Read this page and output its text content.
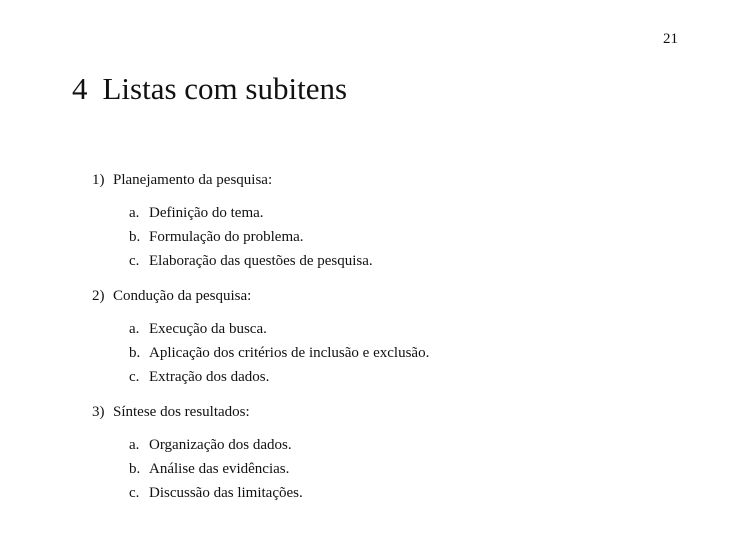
21
4 Listas com subitens
1) Planejamento da pesquisa:
a. Definição do tema.
b. Formulação do problema.
c. Elaboração das questões de pesquisa.
2) Condução da pesquisa:
a. Execução da busca.
b. Aplicação dos critérios de inclusão e exclusão.
c. Extração dos dados.
3) Síntese dos resultados:
a. Organização dos dados.
b. Análise das evidências.
c. Discussão das limitações.
